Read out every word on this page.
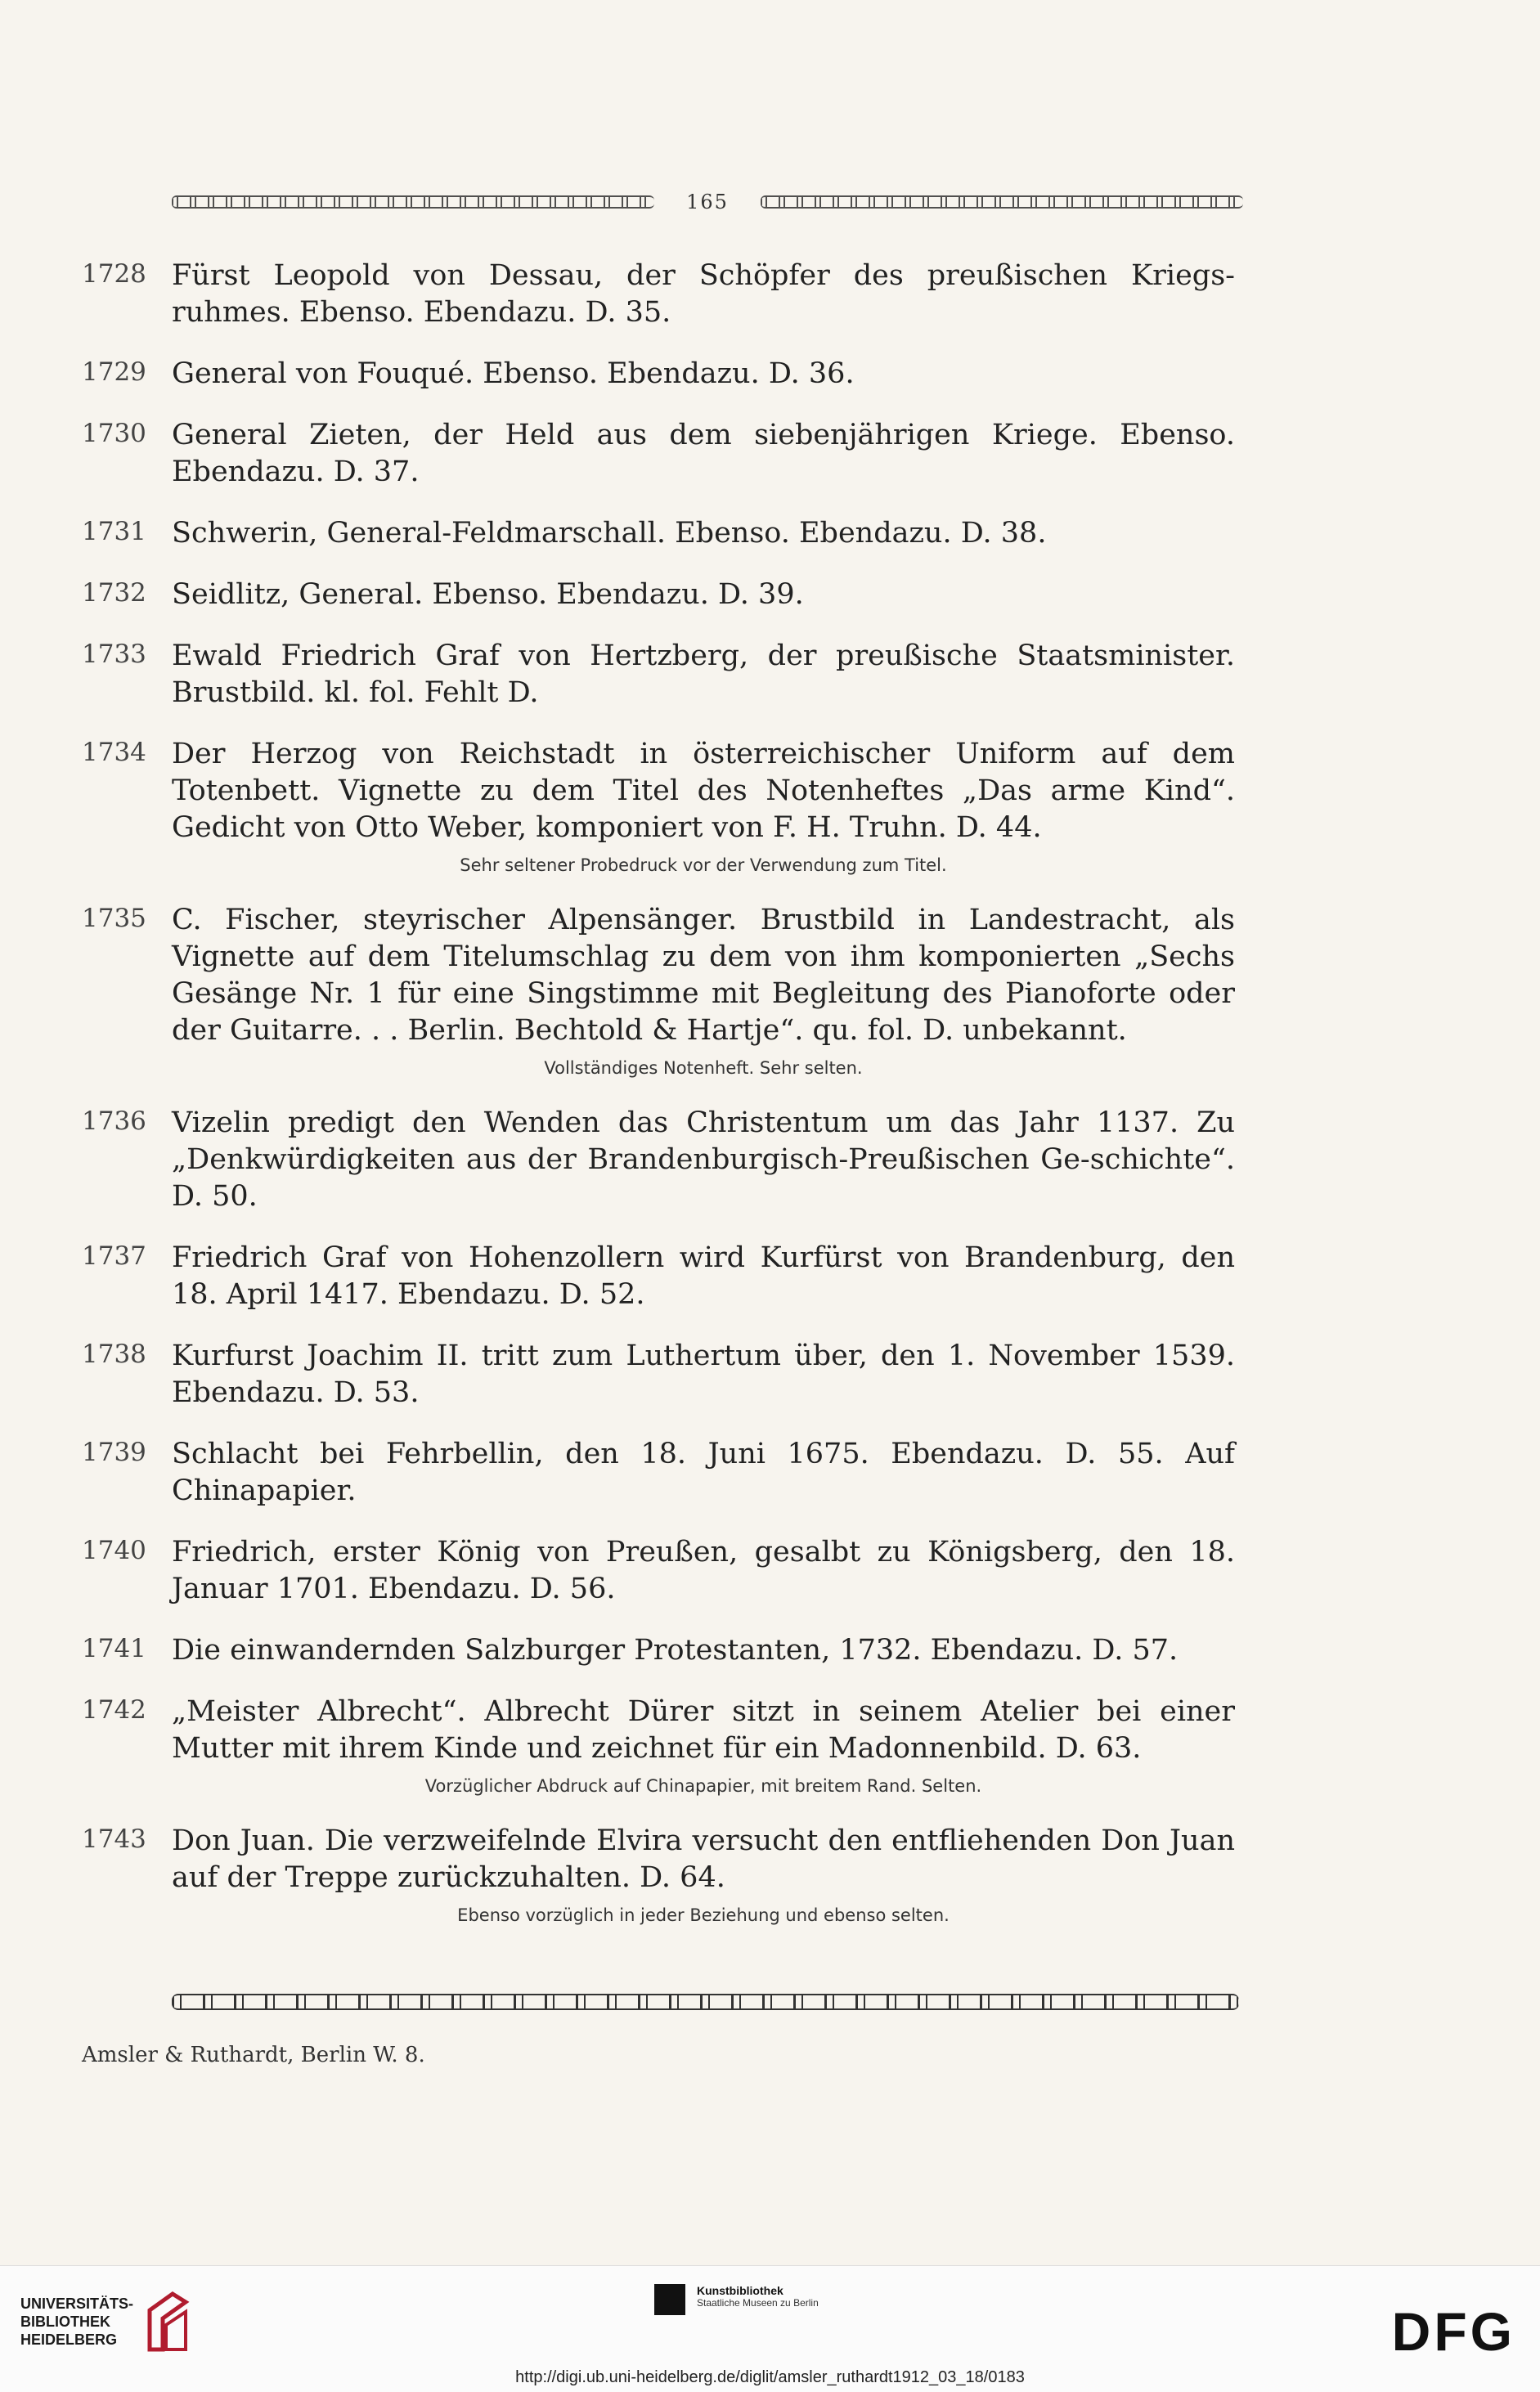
165
1728 Fürst Leopold von Dessau, der Schöpfer des preußischen Kriegs-ruhmes. Ebenso. Ebendazu. D. 35.
1729 General von Fouqué. Ebenso. Ebendazu. D. 36.
1730 General Zieten, der Held aus dem siebenjährigen Kriege. Ebenso. Ebendazu. D. 37.
1731 Schwerin, General-Feldmarschall. Ebenso. Ebendazu. D. 38.
1732 Seidlitz, General. Ebenso. Ebendazu. D. 39.
1733 Ewald Friedrich Graf von Hertzberg, der preußische Staatsminister. Brustbild. kl. fol. Fehlt D.
1734 Der Herzog von Reichstadt in österreichischer Uniform auf dem Totenbett. Vignette zu dem Titel des Notenheftes „Das arme Kind“. Gedicht von Otto Weber, komponiert von F. H. Truhn. D. 44.
Sehr seltener Probedruck vor der Verwendung zum Titel.
1735 C. Fischer, steyrischer Alpensänger. Brustbild in Landestracht, als Vignette auf dem Titelumschlag zu dem von ihm komponierten „Sechs Gesänge Nr. 1 für eine Singstimme mit Begleitung des Pianoforte oder der Guitarre. . . Berlin. Bechtold & Hartje“. qu. fol. D. unbekannt.
Vollständiges Notenheft. Sehr selten.
1736 Vizelin predigt den Wenden das Christentum um das Jahr 1137. Zu „Denkwürdigkeiten aus der Brandenburgisch-Preußischen Ge-schichte“. D. 50.
1737 Friedrich Graf von Hohenzollern wird Kurfürst von Brandenburg, den 18. April 1417. Ebendazu. D. 52.
1738 Kurfurst Joachim II. tritt zum Luthertum über, den 1. November 1539. Ebendazu. D. 53.
1739 Schlacht bei Fehrbellin, den 18. Juni 1675. Ebendazu. D. 55. Auf Chinapapier.
1740 Friedrich, erster König von Preußen, gesalbt zu Königsberg, den 18. Januar 1701. Ebendazu. D. 56.
1741 Die einwandernden Salzburger Protestanten, 1732. Ebendazu. D. 57.
1742 „Meister Albrecht“. Albrecht Dürer sitzt in seinem Atelier bei einer Mutter mit ihrem Kinde und zeichnet für ein Madonnenbild. D. 63.
Vorzüglicher Abdruck auf Chinapapier, mit breitem Rand. Selten.
1743 Don Juan. Die verzweifelnde Elvira versucht den entfliehenden Don Juan auf der Treppe zurückzuhalten. D. 64.
Ebenso vorzüglich in jeder Beziehung und ebenso selten.
Amsler & Ruthardt, Berlin W. 8.
UNIVERSITÄTS-
BIBLIOTHEK
HEIDELBERG
Kunstbibliothek
Staatliche Museen zu Berlin	DFG
http://digi.ub.uni-heidelberg.de/diglit/amsler_ruthardt1912_03_18/0183
